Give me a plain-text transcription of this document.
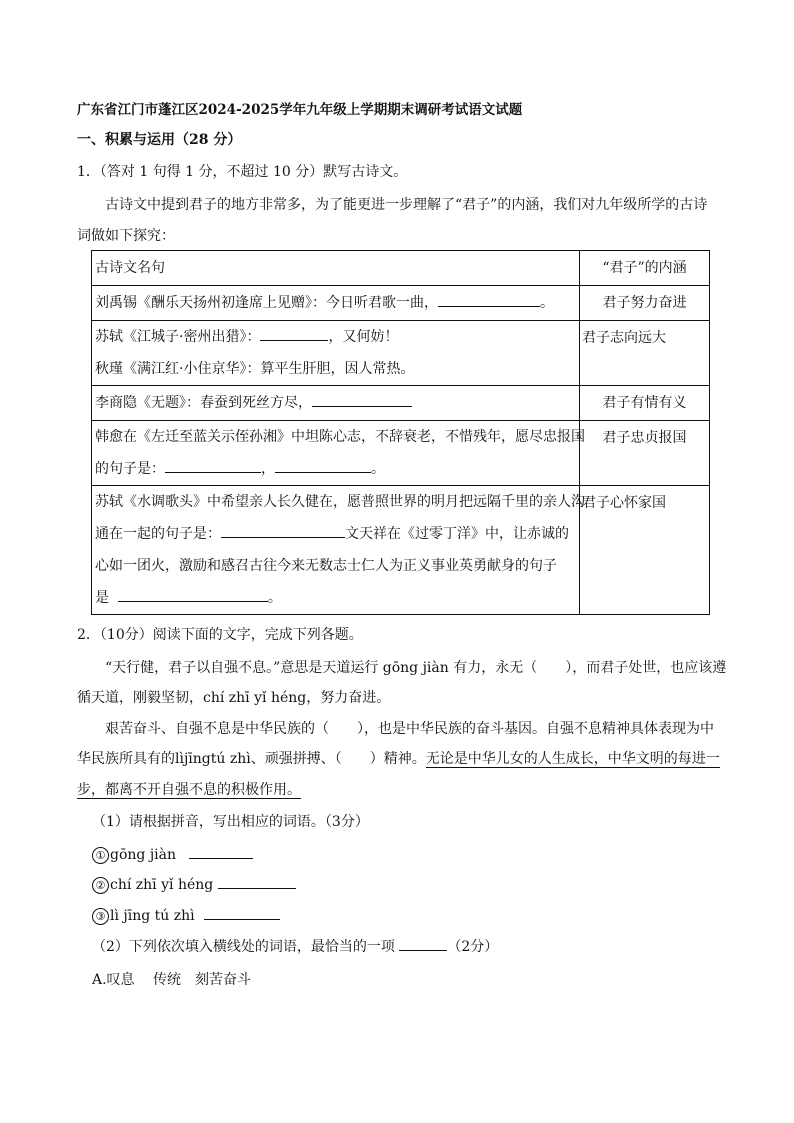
广东省江门市蓬江区2024-2025学年九年级上学期期末调研考试语文试题
一、积累与运用（28 分）
1．（答对 1 句得 1 分，不超过 10 分）默写古诗文。
古诗文中提到君子的地方非常多，为了能更进一步理解了“君子”的内涵，我们对九年级所学的古诗
词做如下探究：
古诗文名句	“君子”的内涵
刘禹锡《酬乐天扬州初逢席上见赠》：今日听君歌一曲， 。	君子努力奋进

苏轼《江城子·密州出猎》： ，又何妨！
秋瑾《满江红·小住京华》：算平生肝胆，因人常热。	君子志向远大
李商隐《无题》：春蚕到死丝方尽，	君子有情有义

韩愈在《左迁至蓝关示侄孙湘》中坦陈心志，不辞衰老，不惜残年，愿尽忠报国
的句子是： ， 。	君子忠贞报国

苏轼《水调歌头》中希望亲人长久健在，愿普照世界的明月把远隔千里的亲人沟
通在一起的句子是： 文天祥在《过零丁洋》中，让赤诚的
心如一团火，激励和感召古往今来无数志士仁人为正义事业英勇献身的句子
是 。	君子心怀家国
2．（10分）阅读下面的文字，完成下列各题。
“天行健，君子以自强不息。”意思是天道运行 gōng jiàn 有力，永无（　　），而君子处世，也应该遵
循天道，刚毅坚韧，chí zhī yǐ héng，努力奋进。
艰苦奋斗、自强不息是中华民族的（　　），也是中华民族的奋斗基因。自强不息精神具体表现为中
华民族所具有的lìjīngtú zhì、顽强拼搏、（　　）精神。无论是中华儿女的人生成长，中华文明的每进一
步，都离不开自强不息的积极作用。
（1）请根据拼音，写出相应的词语。（3分）
① gōng jiàn
② chí zhī yǐ héng
③ lì jīng tú zhì
（2）下列依次填入横线处的词语，最恰当的一项	（2分）
A.叹息　 传统　刻苦奋斗
